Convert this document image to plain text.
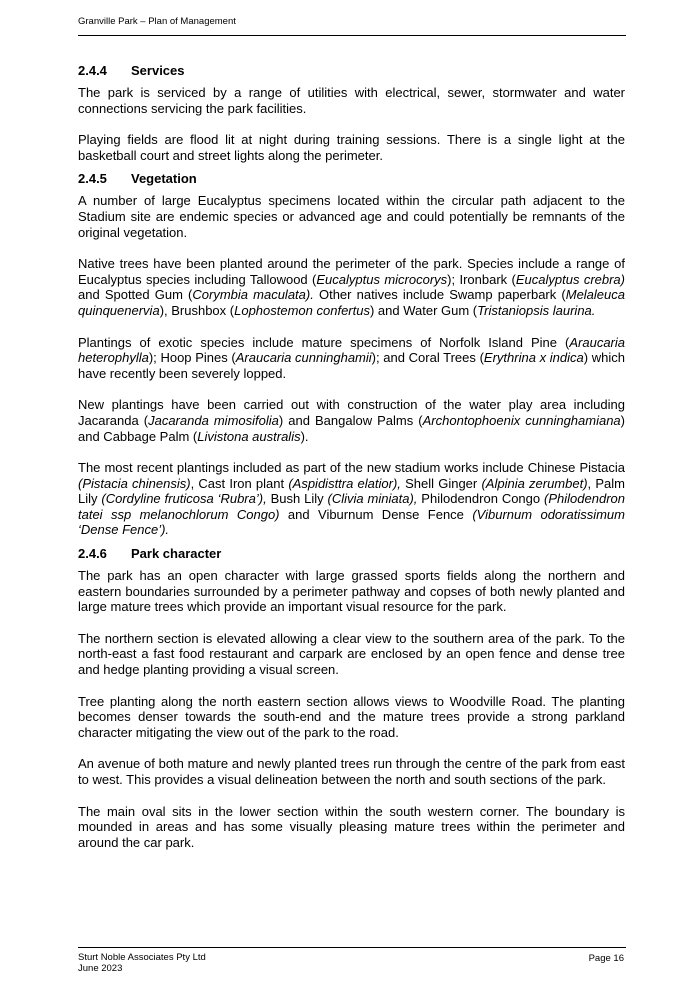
Granville Park – Plan of Management
2.4.4 Services

The park is serviced by a range of utilities with electrical, sewer, stormwater and water connections servicing the park facilities.

Playing fields are flood lit at night during training sessions. There is a single light at the basketball court and street lights along the perimeter.

2.4.5 Vegetation

A number of large Eucalyptus specimens located within the circular path adjacent to the Stadium site are endemic species or advanced age and could potentially be remnants of the original vegetation.

Native trees have been planted around the perimeter of the park. Species include a range of Eucalyptus species including Tallowood (Eucalyptus microcorys); Ironbark (Eucalyptus crebra) and Spotted Gum (Corymbia maculata). Other natives include Swamp paperbark (Melaleuca quinquenervia), Brushbox (Lophostemon confertus) and Water Gum (Tristaniopsis laurina.

Plantings of exotic species include mature specimens of Norfolk Island Pine (Araucaria heterophylla); Hoop Pines (Araucaria cunninghamii); and Coral Trees (Erythrina x indica) which have recently been severely lopped.

New plantings have been carried out with construction of the water play area including Jacaranda (Jacaranda mimosifolia) and Bangalow Palms (Archontophoenix cunninghamiana) and Cabbage Palm (Livistona australis).

The most recent plantings included as part of the new stadium works include Chinese Pistacia (Pistacia chinensis), Cast Iron plant (Aspidisttra elatior), Shell Ginger (Alpinia zerumbet), Palm Lily (Cordyline fruticosa ‘Rubra’), Bush Lily (Clivia miniata), Philodendron Congo (Philodendron tatei ssp melanochlorum Congo) and Viburnum Dense Fence (Viburnum odoratissimum ‘Dense Fence’).

2.4.6 Park character

The park has an open character with large grassed sports fields along the northern and eastern boundaries surrounded by a perimeter pathway and copses of both newly planted and large mature trees which provide an important visual resource for the park.

The northern section is elevated allowing a clear view to the southern area of the park. To the north-east a fast food restaurant and carpark are enclosed by an open fence and dense tree and hedge planting providing a visual screen.

Tree planting along the north eastern section allows views to Woodville Road. The planting becomes denser towards the south-end and the mature trees provide a strong parkland character mitigating the view out of the park to the road.

An avenue of both mature and newly planted trees run through the centre of the park from east to west. This provides a visual delineation between the north and south sections of the park.

The main oval sits in the lower section within the south western corner. The boundary is mounded in areas and has some visually pleasing mature trees within the perimeter and around the car park.

Sturt Noble Associates Pty Ltd
June 2023
Page 16
